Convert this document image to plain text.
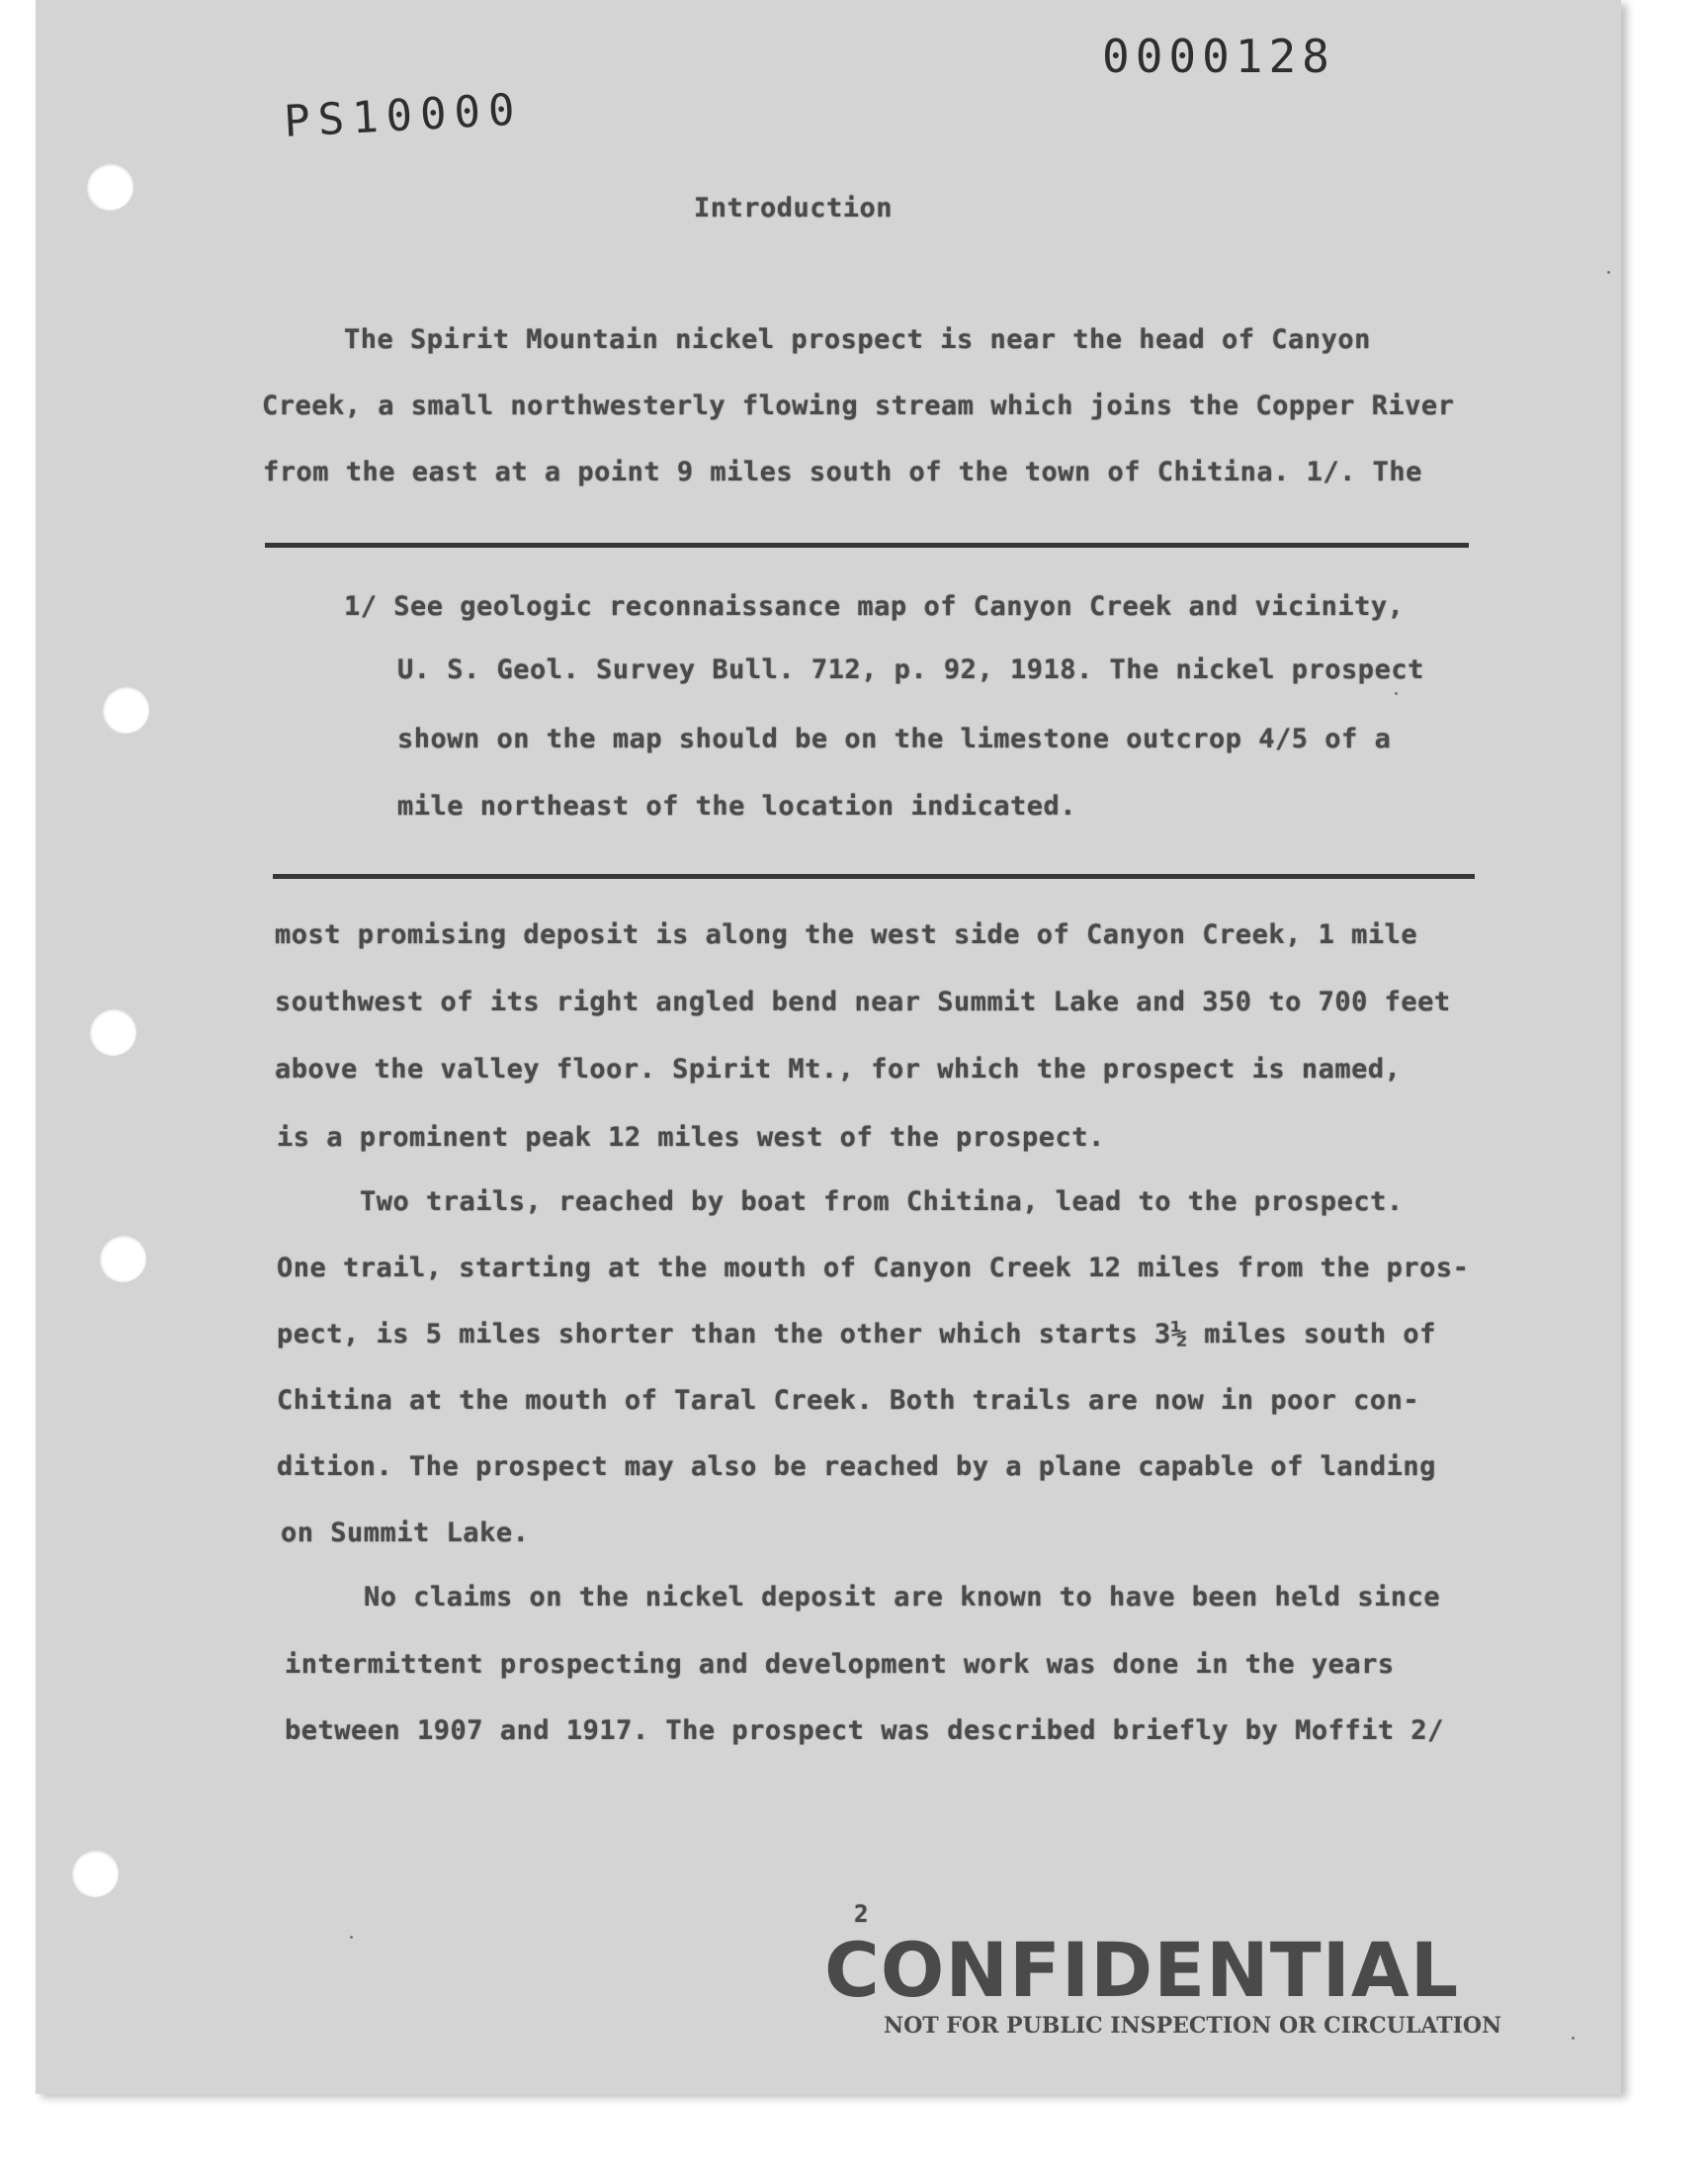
0000128
PS10000
Introduction
The Spirit Mountain nickel prospect is near the head of Canyon
Creek, a small northwesterly flowing stream which joins the Copper River
from the east at a point 9 miles south of the town of Chitina. 1/. The
1/ See geologic reconnaissance map of Canyon Creek and vicinity,
U. S. Geol. Survey Bull. 712, p. 92, 1918. The nickel prospect
shown on the map should be on the limestone outcrop 4/5 of a
mile northeast of the location indicated.
most promising deposit is along the west side of Canyon Creek, 1 mile
southwest of its right angled bend near Summit Lake and 350 to 700 feet
above the valley floor. Spirit Mt., for which the prospect is named,
is a prominent peak 12 miles west of the prospect.
Two trails, reached by boat from Chitina, lead to the prospect.
One trail, starting at the mouth of Canyon Creek 12 miles from the pros-
pect, is 5 miles shorter than the other which starts 3½ miles south of
Chitina at the mouth of Taral Creek. Both trails are now in poor con-
dition. The prospect may also be reached by a plane capable of landing
on Summit Lake.
No claims on the nickel deposit are known to have been held since
intermittent prospecting and development work was done in the years
between 1907 and 1917. The prospect was described briefly by Moffit 2/
2
CONFIDENTIAL
NOT FOR PUBLIC INSPECTION OR CIRCULATION
